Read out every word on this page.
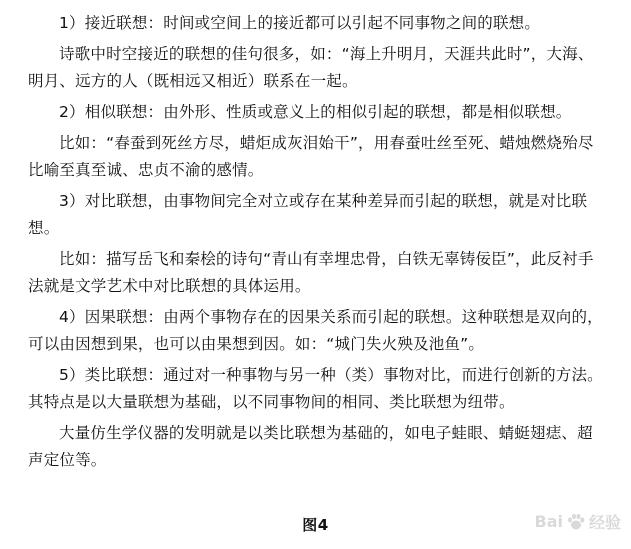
1）接近联想：时间或空间上的接近都可以引起不同事物之间的联想。

诗歌中时空接近的联想的佳句很多，如：“海上升明月，天涯共此时”，大海、明月、远方的人（既相远又相近）联系在一起。

2）相似联想：由外形、性质或意义上的相似引起的联想，都是相似联想。

比如：“春蚕到死丝方尽，蜡炬成灰泪始干”，用春蚕吐丝至死、蜡烛燃烧殆尽比喻至真至诚、忠贞不渝的感情。

3）对比联想，由事物间完全对立或存在某种差异而引起的联想，就是对比联想。

比如：描写岳飞和秦桧的诗句“青山有幸埋忠骨，白铁无辜铸佞臣”，此反衬手法就是文学艺术中对比联想的具体运用。

4）因果联想：由两个事物存在的因果关系而引起的联想。这种联想是双向的，可以由因想到果，也可以由果想到因。如：“城门失火殃及池鱼”。

5）类比联想：通过对一种事物与另一种（类）事物对比，而进行创新的方法。其特点是以大量联想为基础，以不同事物间的相同、类比联想为纽带。

大量仿生学仪器的发明就是以类比联想为基础的，如电子蛙眼、蜻蜓翅痣、超声定位等。

图4	Bai 经验
